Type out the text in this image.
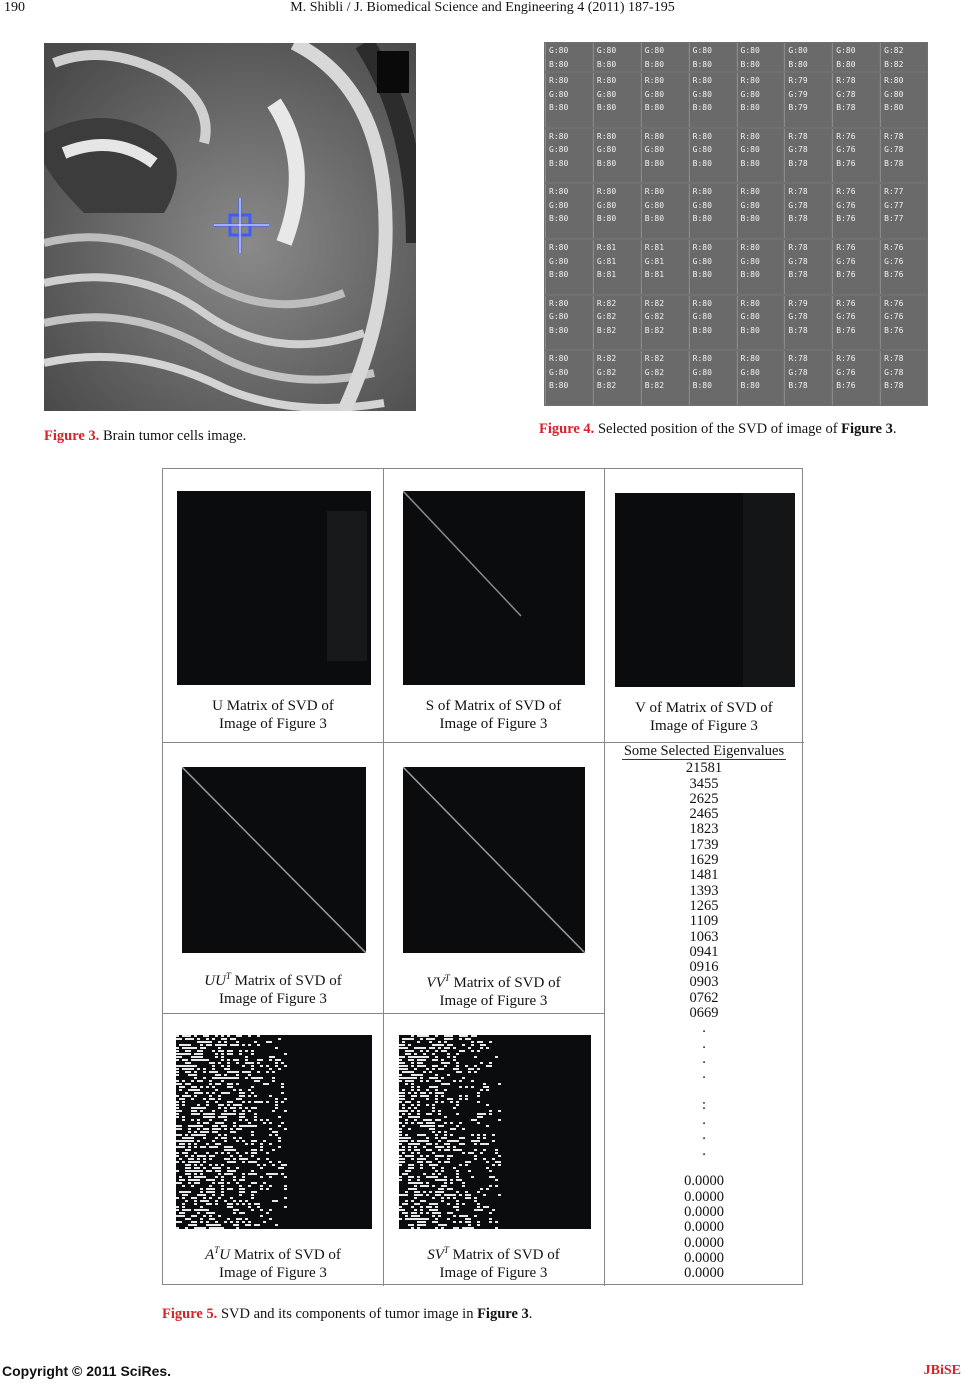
190	M. Shibli / J. Biomedical Science and Engineering 4 (2011) 187-195
Figure 3. Brain tumor cells image.
G:80
B:80
G:80
B:80
G:80
B:80
G:80
B:80
G:80
B:80
G:80
B:80
G:80
B:80
G:82
B:82
R:80
G:80
B:80
R:80
G:80
B:80
R:80
G:80
B:80
R:80
G:80
B:80
R:80
G:80
B:80
R:79
G:79
B:79
R:78
G:78
B:78
R:80
G:80
B:80
R:80
G:80
B:80
R:80
G:80
B:80
R:80
G:80
B:80
R:80
G:80
B:80
R:80
G:80
B:80
R:78
G:78
B:78
R:76
G:76
B:76
R:78
G:78
B:78
R:80
G:80
B:80
R:80
G:80
B:80
R:80
G:80
B:80
R:80
G:80
B:80
R:80
G:80
B:80
R:78
G:78
B:78
R:76
G:76
B:76
R:77
G:77
B:77
R:80
G:80
B:80
R:81
G:81
B:81
R:81
G:81
B:81
R:80
G:80
B:80
R:80
G:80
B:80
R:78
G:78
B:78
R:76
G:76
B:76
R:76
G:76
B:76
R:80
G:80
B:80
R:82
G:82
B:82
R:82
G:82
B:82
R:80
G:80
B:80
R:80
G:80
B:80
R:79
G:78
B:78
R:76
G:76
B:76
R:76
G:76
B:76
R:80
G:80
B:80
R:82
G:82
B:82
R:82
G:82
B:82
R:80
G:80
B:80
R:80
G:80
B:80
R:78
G:78
B:78
R:76
G:76
B:76
R:78
G:78
B:78
Figure 4. Selected position of the SVD of image of Figure 3.
U Matrix of SVD of
Image of Figure 3
S of Matrix of SVD of
Image of Figure 3
V of Matrix of SVD of
Image of Figure 3
$UU^T$ Matrix of SVD of
Image of Figure 3
$VV^T$ Matrix of SVD of
Image of Figure 3
$A^TU$ Matrix of SVD of
Image of Figure 3
$SV^T$ Matrix of SVD of
Image of Figure 3
Some Selected Eigenvalues
21581
3455
2625
2465
1823
1739
1629
1481
1393
1265
1109
1063
0941
0916
0903
0762
0669
.
.
.
.
:
.
.
.
0.0000
0.0000
0.0000
0.0000
0.0000
0.0000
0.0000
Figure 5. SVD and its components of tumor image in Figure 3.
Copyright © 2011 SciRes.	JBiSE
